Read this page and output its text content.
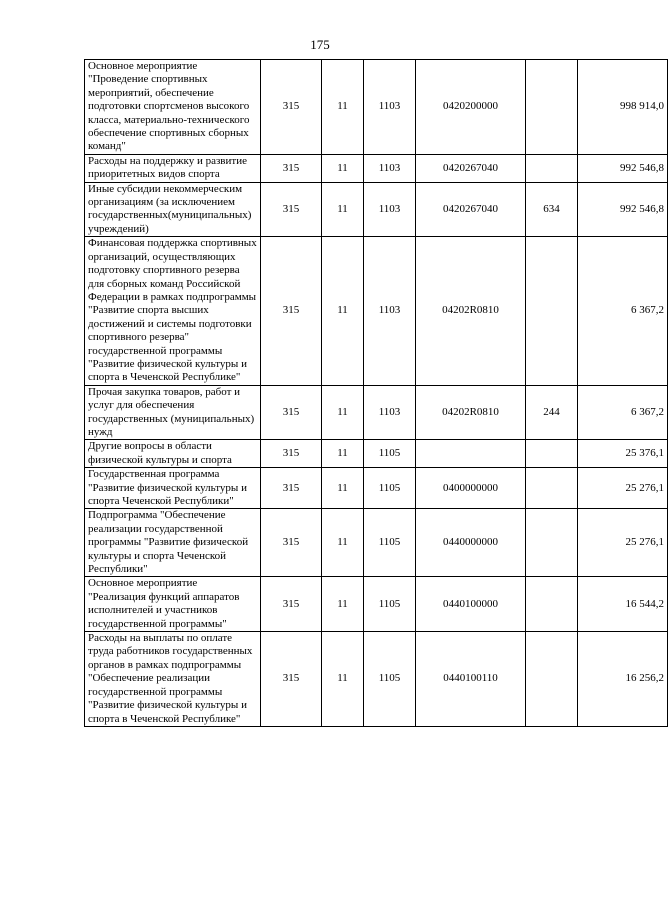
175
Основное мероприятие "Проведение спортивных мероприятий, обеспечение подготовки спортсменов высокого класса, материально-технического обеспечение спортивных сборных команд"	315	11	1103	0420200000		998 914,0
Расходы на поддержку и развитие приоритетных видов спорта	315	11	1103	0420267040		992 546,8
Иные субсидии некоммерческим организациям (за исключением государственных(муниципальных) учреждений)	315	11	1103	0420267040	634	992 546,8
Финансовая поддержка спортивных организаций, осуществляющих подготовку спортивного резерва для сборных команд Российской Федерации в рамках подпрограммы "Развитие спорта высших достижений и системы подготовки спортивного резерва" государственной программы "Развитие физической культуры и спорта в Чеченской Республике"	315	11	1103	04202R0810		6 367,2
Прочая закупка товаров, работ и услуг для обеспечения государственных (муниципальных) нужд	315	11	1103	04202R0810	244	6 367,2
Другие вопросы в области физической культуры и спорта	315	11	1105			25 376,1
Государственная программа "Развитие физической культуры и спорта Чеченской Республики"	315	11	1105	0400000000		25 276,1
Подпрограмма "Обеспечение реализации государственной программы "Развитие физической культуры и спорта Чеченской Республики"	315	11	1105	0440000000		25 276,1
Основное мероприятие "Реализация функций аппаратов исполнителей и участников государственной программы"	315	11	1105	0440100000		16 544,2
Расходы на выплаты по оплате труда работников государственных органов в рамках подпрограммы "Обеспечение реализации государственной программы "Развитие физической культуры и спорта в Чеченской Республике"	315	11	1105	0440100110		16 256,2
